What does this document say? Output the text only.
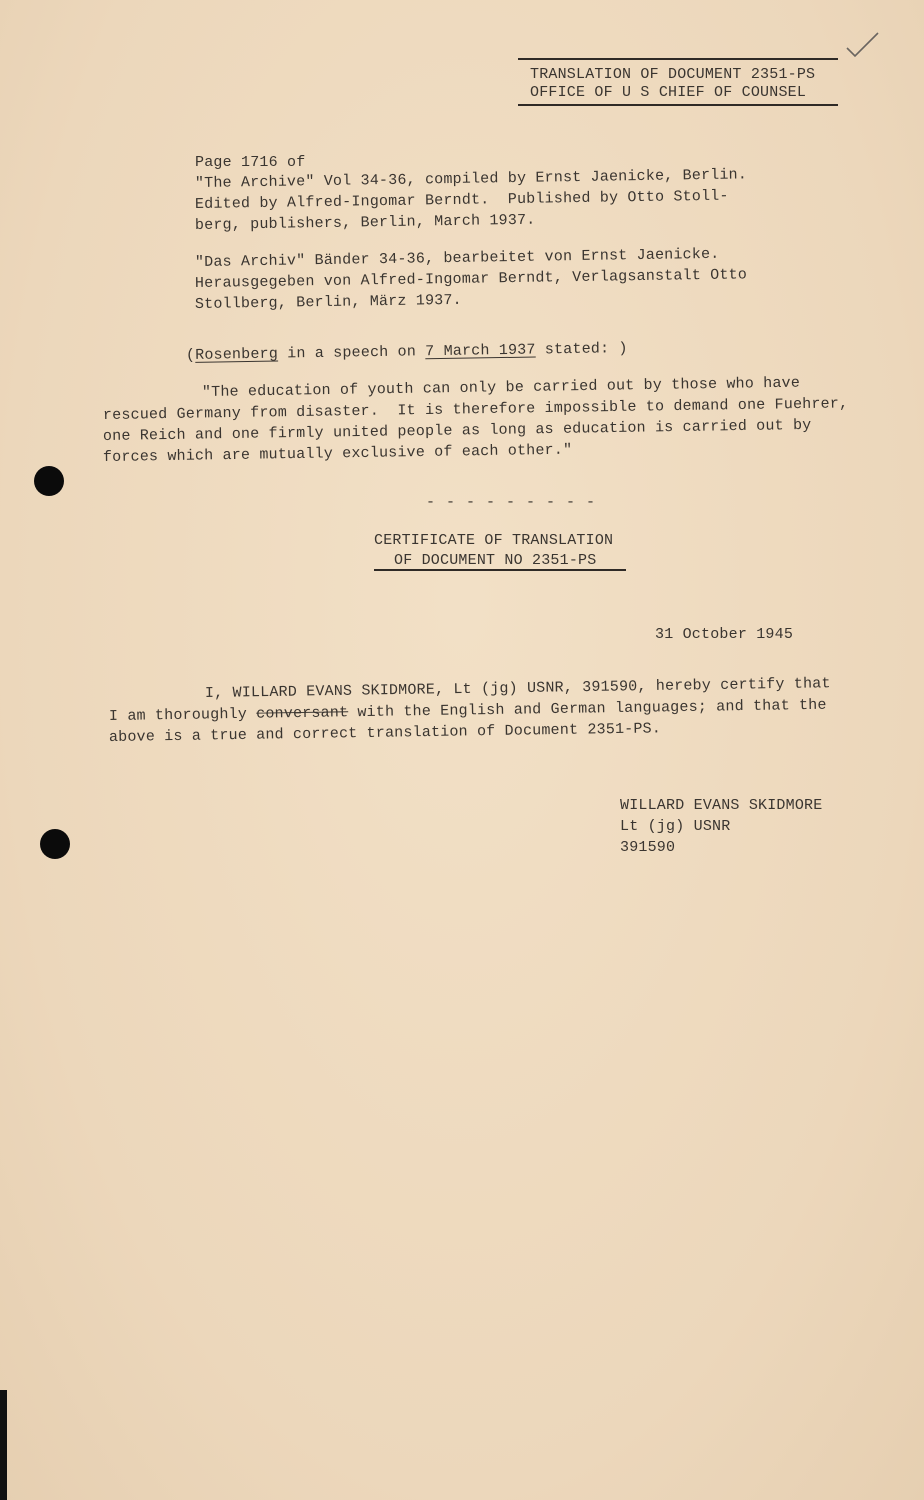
TRANSLATION OF DOCUMENT 2351-PS
OFFICE OF U S CHIEF OF COUNSEL
Page 1716 of
"The Archive" Vol 34-36, compiled by Ernst Jaenicke, Berlin.
Edited by Alfred-Ingomar Berndt.  Published by Otto Stoll-
berg, publishers, Berlin, March 1937.
"Das Archiv" Bänder 34-36, bearbeitet von Ernst Jaenicke.
Herausgegeben von Alfred-Ingomar Berndt, Verlagsanstalt Otto
Stollberg, Berlin, März 1937.
(Rosenberg in a speech on 7 March 1937 stated: )
"The education of youth can only be carried out by those who have
rescued Germany from disaster.  It is therefore impossible to demand one Fuehrer,
one Reich and one firmly united people as long as education is carried out by
forces which are mutually exclusive of each other."
- - - - - - - - -
CERTIFICATE OF TRANSLATION
OF DOCUMENT NO 2351-PS
31 October 1945
I, WILLARD EVANS SKIDMORE, Lt (jg) USNR, 391590, hereby certify that
I am thoroughly conversant with the English and German languages; and that the
above is a true and correct translation of Document 2351-PS.
WILLARD EVANS SKIDMORE
Lt (jg) USNR
391590
